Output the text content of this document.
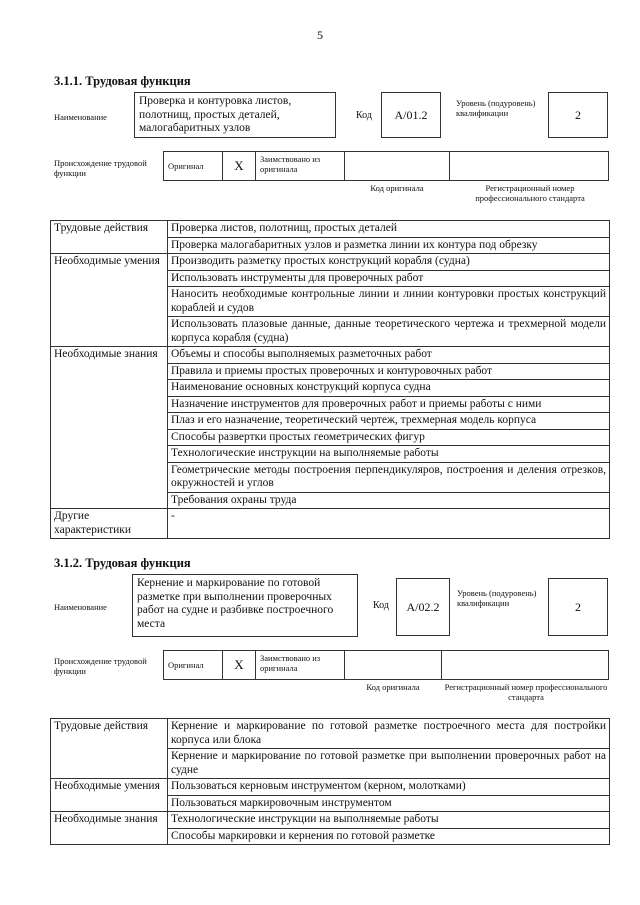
5
3.1.1. Трудовая функция
Наименование
Проверка и контуровка листов, полотнищ, простых деталей, малогабаритных узлов
Код	А/01.2
Уровень (подуровень) квалификации	2
Происхождение трудовой функции
Оригинал	X	Заимствовано из оригинала
Код оригинала	Регистрационный номер профессионального стандарта
Трудовые действия	Проверка листов, полотнищ, простых деталей
	Проверка малогабаритных узлов и разметка линии их контура под обрезку
Необходимые умения	Производить разметку простых конструкций корабля (судна)
	Использовать инструменты для проверочных работ
	Наносить необходимые контрольные линии и линии контуровки простых конструкций кораблей и судов
	Использовать плазовые данные, данные теоретического чертежа и трехмерной модели корпуса корабля (судна)
Необходимые знания	Объемы и способы выполняемых разметочных работ
	Правила и приемы простых проверочных и контуровочных работ
	Наименование основных конструкций корпуса судна
	Назначение инструментов для проверочных работ и приемы работы с ними
	Плаз и его назначение, теоретический чертеж, трехмерная модель корпуса
	Способы развертки простых геометрических фигур
	Технологические инструкции на выполняемые работы
	Геометрические методы построения перпендикуляров, построения и деления отрезков, окружностей и углов
	Требования охраны труда
Другие характеристики	-
3.1.2. Трудовая функция
Наименование
Кернение и маркирование по готовой разметке при выполнении проверочных работ на судне и разбивке построечного места
Код	А/02.2
Уровень (подуровень) квалификации	2
Происхождение трудовой функции
Оригинал	X	Заимствовано из оригинала
Код оригинала	Регистрационный номер профессионального стандарта
Трудовые действия	Кернение и маркирование по готовой разметке построечного места для постройки корпуса или блока
	Кернение и маркирование по готовой разметке при выполнении проверочных работ на судне
Необходимые умения	Пользоваться керновым инструментом (керном, молотками)
	Пользоваться маркировочным инструментом
Необходимые знания	Технологические инструкции на выполняемые работы
	Способы маркировки и кернения по готовой разметке
